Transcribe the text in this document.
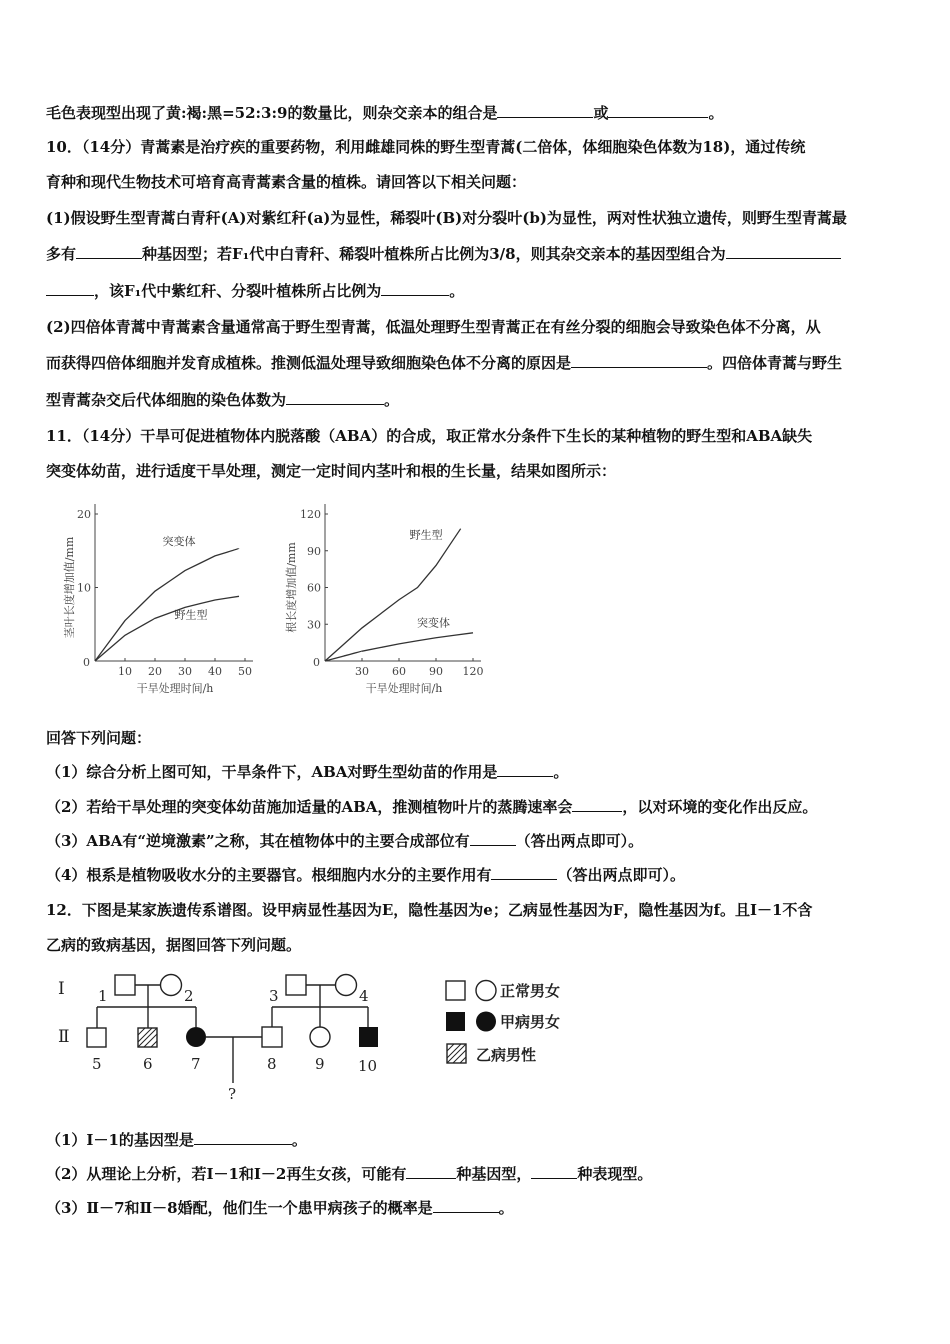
毛色表现型出现了黄:褐:黑=52:3:9的数量比，则杂交亲本的组合是	或	。
10．（14分）青蒿素是治疗疾的重要药物，利用雌雄同株的野生型青蒿(二倍体，体细胞染色体数为18)，通过传统
育种和现代生物技术可培育高青蒿素含量的植株。请回答以下相关问题：
(1)假设野生型青蒿白青秆(A)对紫红秆(a)为显性，稀裂叶(B)对分裂叶(b)为显性，两对性状独立遗传，则野生型青蒿最
多有	种基因型；若F₁代中白青秆、稀裂叶植株所占比例为3/8，则其杂交亲本的基因型组合为
，该F₁代中紫红秆、分裂叶植株所占比例为	。
(2)四倍体青蒿中青蒿素含量通常高于野生型青蒿，低温处理野生型青蒿正在有丝分裂的细胞会导致染色体不分离，从
而获得四倍体细胞并发育成植株。推测低温处理导致细胞染色体不分离的原因是	。四倍体青蒿与野生
型青蒿杂交后代体细胞的染色体数为	。
11．（14分）干旱可促进植物体内脱落酸（ABA）的合成，取正常水分条件下生长的某种植物的野生型和ABA缺失
突变体幼苗，进行适度干旱处理，测定一定时间内茎叶和根的生长量，结果如图所示：
0
10 20 30 40 50
10
20
干旱处理时间/h
茎叶长度增加值/mm	突变体
野生型
0
30 60 90 120
30
60
90
120
干旱处理时间/h
根长度增加值/mm
野生型
突变体
回答下列问题：
（1）综合分析上图可知，干旱条件下，ABA对野生型幼苗的作用是	。
（2）若给干旱处理的突变体幼苗施加适量的ABA，推测植物叶片的蒸腾速率会	，以对环境的变化作出反应。
（3）ABA有“逆境激素”之称，其在植物体中的主要合成部位有	（答出两点即可）。
（4）根系是植物吸收水分的主要器官。根细胞内水分的主要作用有	（答出两点即可）。
12．下图是某家族遗传系谱图。设甲病显性基因为E，隐性基因为e；乙病显性基因为F，隐性基因为f。且Ⅰ－1不含
乙病的致病基因，据图回答下列问题。
Ⅰ
Ⅱ
1	2	3	4
5	6	7	8	9 10
?
正常男女
甲病男女
乙病男性
（1）Ⅰ－1的基因型是	。
（2）从理论上分析，若Ⅰ－1和Ⅰ－2再生女孩，可能有	种基因型，	种表现型。
（3）Ⅱ－7和Ⅱ－8婚配，他们生一个患甲病孩子的概率是	。
